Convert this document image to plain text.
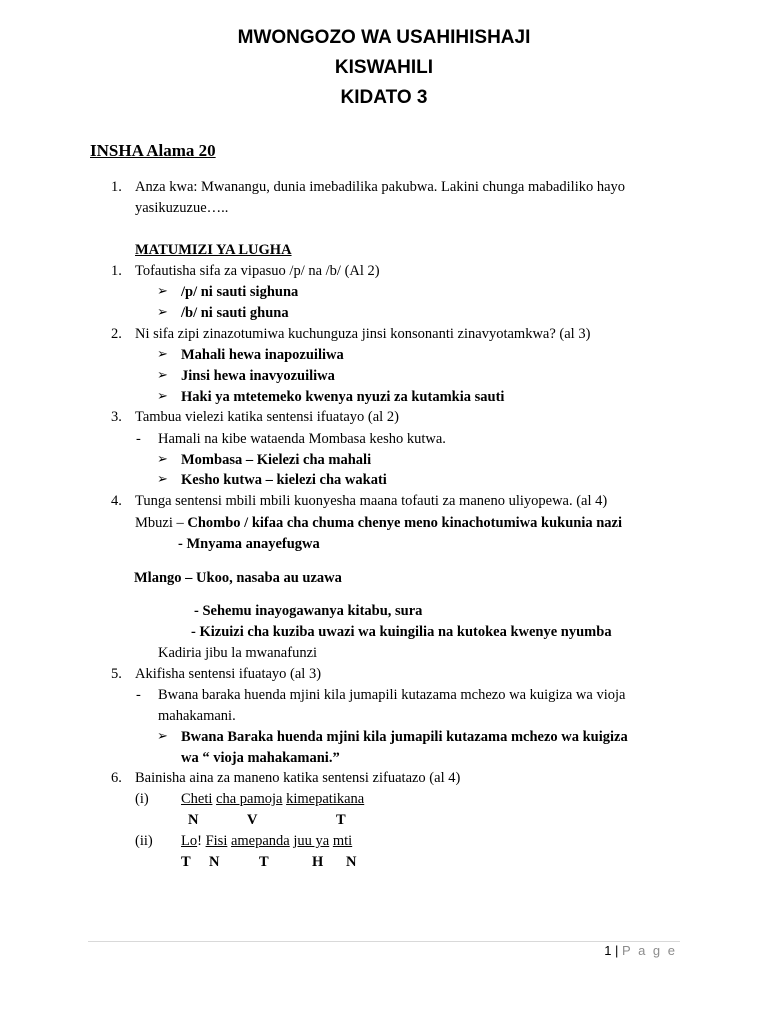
MWONGOZO WA USAHIHISHAJI
KISWAHILI
KIDATO 3
INSHA Alama 20
1. Anza kwa: Mwanangu, dunia imebadilika pakubwa. Lakini chunga mabadiliko hayo
yasikuzuzue…..
MATUMIZI YA LUGHA
1. Tofautisha sifa za vipasuo /p/ na /b/ (Al 2)
➢ /p/ ni sauti sighuna
➢ /b/ ni sauti ghuna
2. Ni sifa zipi zinazotumiwa kuchunguza jinsi konsonanti zinavyotamkwa? (al 3)
➢ Mahali hewa inapozuiliwa
➢ Jinsi hewa inavyozuiliwa
➢ Haki ya mtetemeko kwenya nyuzi za kutamkia sauti
3. Tambua vielezi katika sentensi ifuatayo (al 2)
- Hamali na kibe wataenda Mombasa kesho kutwa.
➢ Mombasa – Kielezi cha mahali
➢ Kesho kutwa – kielezi cha wakati
4. Tunga sentensi mbili mbili kuonyesha maana tofauti za maneno uliyopewa. (al 4)
Mbuzi – Chombo / kifaa cha chuma chenye meno kinachotumiwa kukunia nazi
- Mnyama anayefugwa
Mlango – Ukoo, nasaba au uzawa
- Sehemu inayogawanya kitabu, sura
- Kizuizi cha kuziba uwazi wa kuingilia na kutokea kwenye nyumba
Kadiria jibu la mwanafunzi
5. Akifisha sentensi ifuatayo (al 3)
- Bwana baraka huenda mjini kila jumapili kutazama mchezo wa kuigiza wa vioja
mahakamani.
➢ Bwana Baraka huenda mjini kila jumapili kutazama mchezo wa kuigiza
wa “ vioja mahakamani.”
6. Bainisha aina za maneno katika sentensi zifuatazo (al 4)
(i) Cheti cha pamoja kimepatikana
N	V	T
(ii) Lo! Fisi amepanda juu ya mti
T N	T	H N
1 | P a g e
